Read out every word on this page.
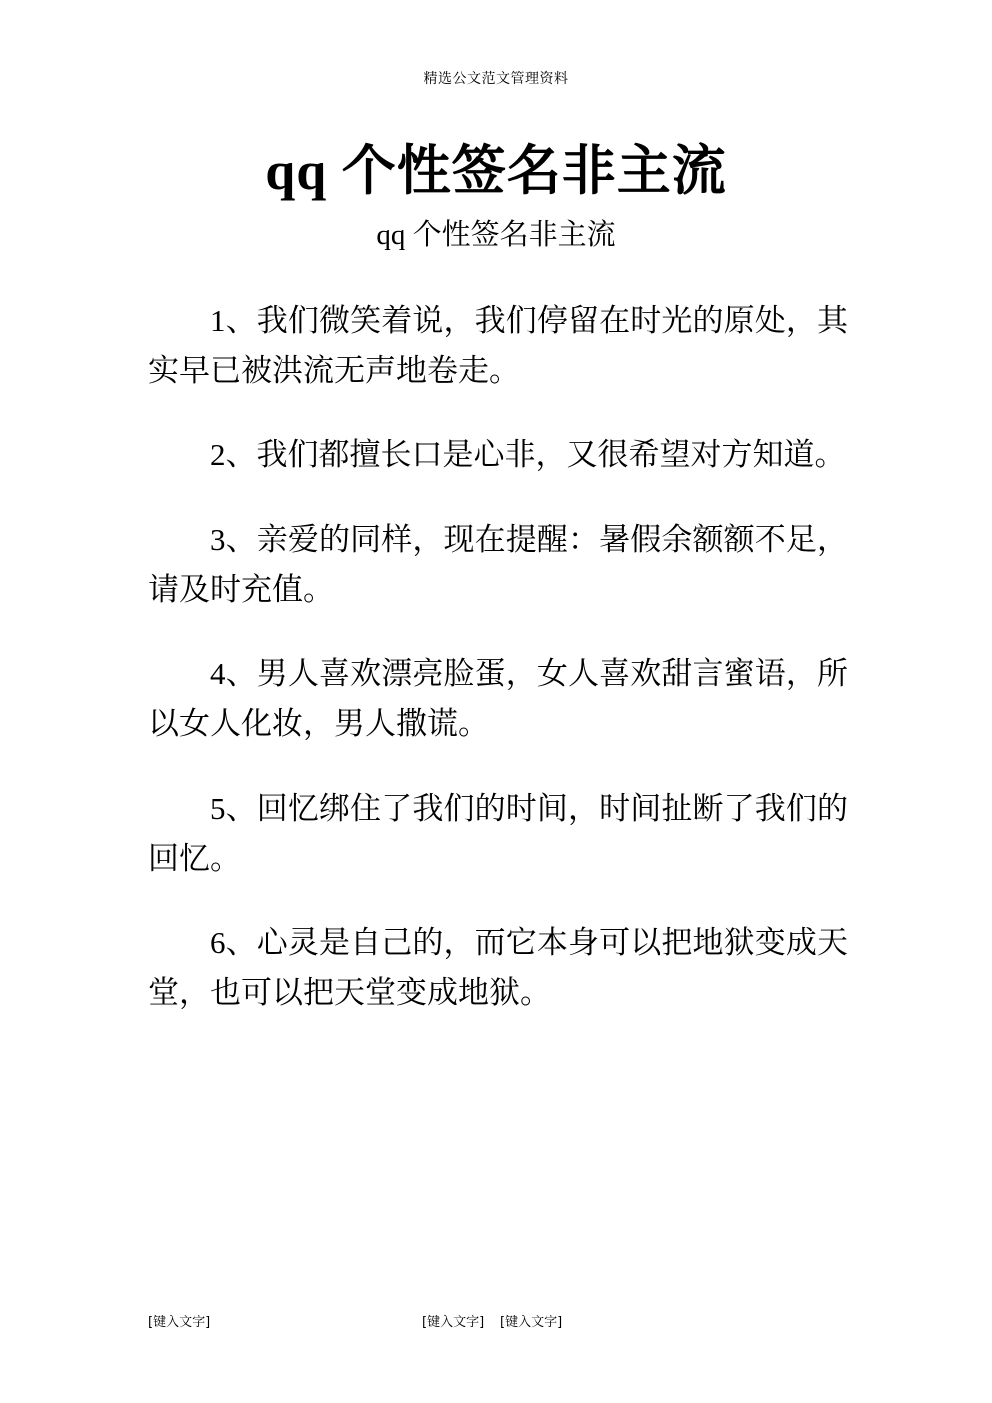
精选公文范文管理资料
qq 个性签名非主流
qq 个性签名非主流

1、我们微笑着说，我们停留在时光的原处，其实早已被洪流无声地卷走。

2、我们都擅长口是心非，又很希望对方知道。

3、亲爱的同样，现在提醒：暑假余额额不足，请及时充值。

4、男人喜欢漂亮脸蛋，女人喜欢甜言蜜语，所以女人化妆，男人撒谎。

5、回忆绑住了我们的时间，时间扯断了我们的回忆。

6、心灵是自己的，而它本身可以把地狱变成天堂，也可以把天堂变成地狱。

[键入文字]	[键入文字] [键入文字]
